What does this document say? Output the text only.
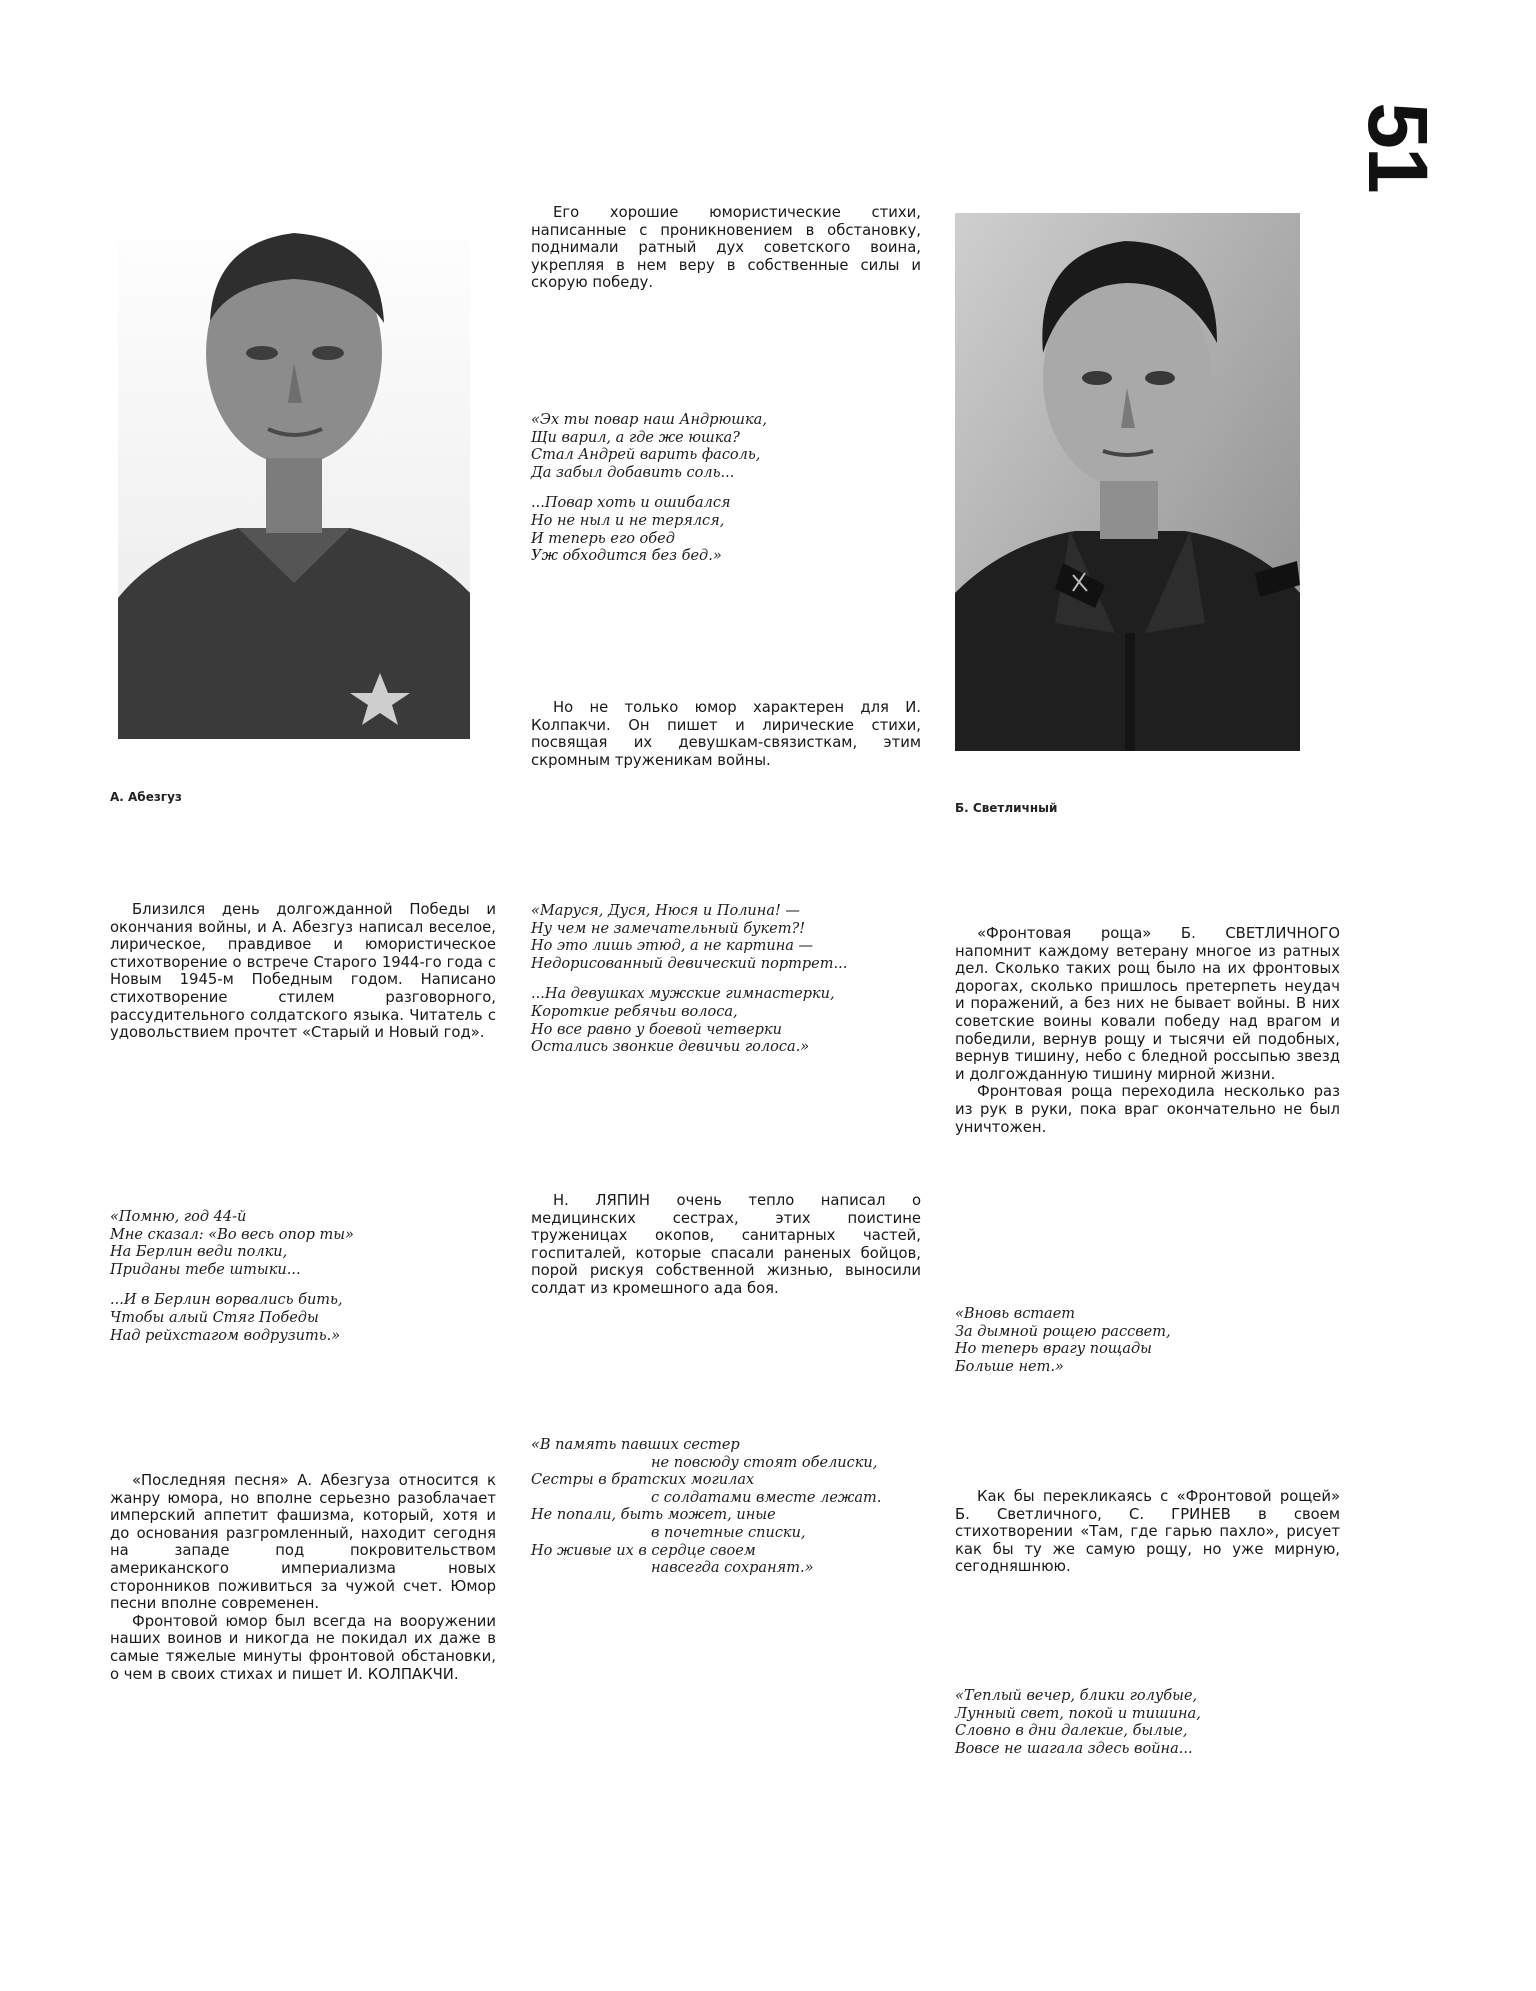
51
А. Абезгуз
Б. Светличный

Его хорошие юмористические стихи, написанные с проникновением в обстановку, поднимали ратный дух советского воина, укрепляя в нем веру в собственные силы и скорую победу.

«Эх ты повар наш Андрюшка,
Щи варил, а где же юшка?
Стал Андрей варить фасоль,
Да забыл добавить соль...
...Повар хоть и ошибался
Но не ныл и не терялся,
И теперь его обед
Уж обходится без бед.»

Но не только юмор характерен для И. Колпакчи. Он пишет и лирические стихи, посвящая их девушкам-связисткам, этим скромным труженикам войны.

Близился день долгожданной Победы и окончания войны, и А. Абезгуз написал веселое, лирическое, правдивое и юмористическое стихотворение о встрече Старого 1944-го года с Новым 1945-м Победным годом. Написано стихотворение стилем разговорного, рассудительного солдатского языка. Читатель с удовольствием прочтет «Старый и Новый год».

«Помню, год 44-й
Мне сказал: «Во весь опор ты»
На Берлин веди полки,
Приданы тебе штыки...
...И в Берлин ворвались бить,
Чтобы алый Стяг Победы
Над рейхстагом водрузить.»

«Последняя песня» А. Абезгуза относится к жанру юмора, но вполне серьезно разоблачает имперский аппетит фашизма, который, хотя и до основания разгромленный, находит сегодня на западе под покровительством американского империализма новых сторонников поживиться за чужой счет. Юмор песни вполне современен.

Фронтовой юмор был всегда на вооружении наших воинов и никогда не покидал их даже в самые тяжелые минуты фронтовой обстановки, о чем в своих стихах и пишет И. КОЛПАКЧИ.

«Маруся, Дуся, Нюся и Полина! —
Ну чем не замечательный букет?!
Но это лишь этюд, а не картина —
Недорисованный девический портрет...
...На девушках мужские гимнастерки,
Короткие ребячьи волоса,
Но все равно у боевой четверки
Остались звонкие девичьи голоса.»

Н. ЛЯПИН очень тепло написал о медицинских сестрах, этих поистине труженицах окопов, санитарных частей, госпиталей, которые спасали раненых бойцов, порой рискуя собственной жизнью, выносили солдат из кромешного ада боя.

«В память павших сестер
не повсюду стоят обелиски,
Сестры в братских могилах
с солдатами вместе лежат.
Не попали, быть может, иные
в почетные списки,
Но живые их в сердце своем
навсегда сохранят.»

«Фронтовая роща» Б. СВЕТЛИЧНОГО напомнит каждому ветерану многое из ратных дел. Сколько таких рощ было на их фронтовых дорогах, сколько пришлось претерпеть неудач и поражений, а без них не бывает войны. В них советские воины ковали победу над врагом и победили, вернув рощу и тысячи ей подобных, вернув тишину, небо с бледной россыпью звезд и долгожданную тишину мирной жизни.

Фронтовая роща переходила несколько раз из рук в руки, пока враг окончательно не был уничтожен.

«Вновь встает
За дымной рощею рассвет,
Но теперь врагу пощады
Больше нет.»

Как бы перекликаясь с «Фронтовой рощей» Б. Светличного, С. ГРИНЕВ в своем стихотворении «Там, где гарью пахло», рисует как бы ту же самую рощу, но уже мирную, сегодняшнюю.

«Теплый вечер, блики голубые,
Лунный свет, покой и тишина,
Словно в дни далекие, былые,
Вовсе не шагала здесь война...
